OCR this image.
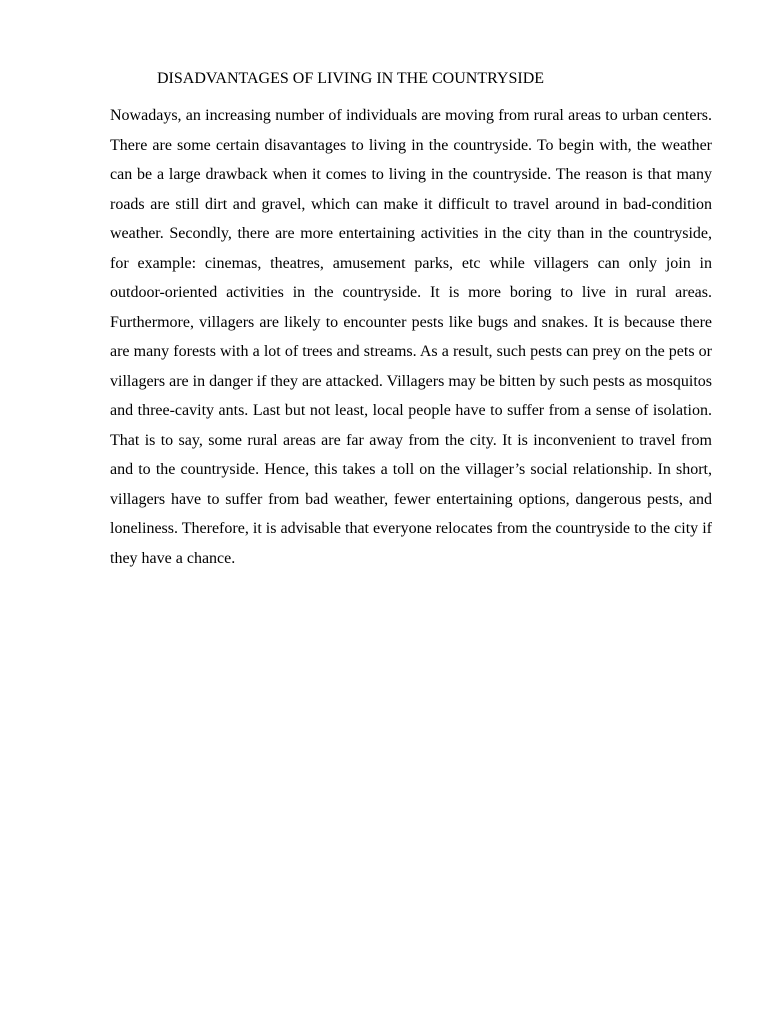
DISADVANTAGES OF LIVING IN THE COUNTRYSIDE

Nowadays, an increasing number of individuals are moving from rural areas to urban centers. There are some certain disavantages to living in the countryside. To begin with, the weather can be a large drawback when it comes to living in the countryside. The reason is that many roads are still dirt and gravel, which can make it difficult to travel around in bad-condition weather. Secondly, there are more entertaining activities in the city than in the countryside, for example: cinemas, theatres, amusement parks, etc while villagers can only join in outdoor-oriented activities in the countryside. It is more boring to live in rural areas. Furthermore, villagers are likely to encounter pests like bugs and snakes. It is because there are many forests with a lot of trees and streams. As a result, such pests can prey on the pets or villagers are in danger if they are attacked. Villagers may be bitten by such pests as mosquitos and three-cavity ants. Last but not least, local people have to suffer from a sense of isolation. That is to say, some rural areas are far away from the city. It is inconvenient to travel from and to the countryside. Hence, this takes a toll on the villager’s social relationship. In short, villagers have to suffer from bad weather, fewer entertaining options, dangerous pests, and loneliness. Therefore, it is advisable that everyone relocates from the countryside to the city if they have a chance.
